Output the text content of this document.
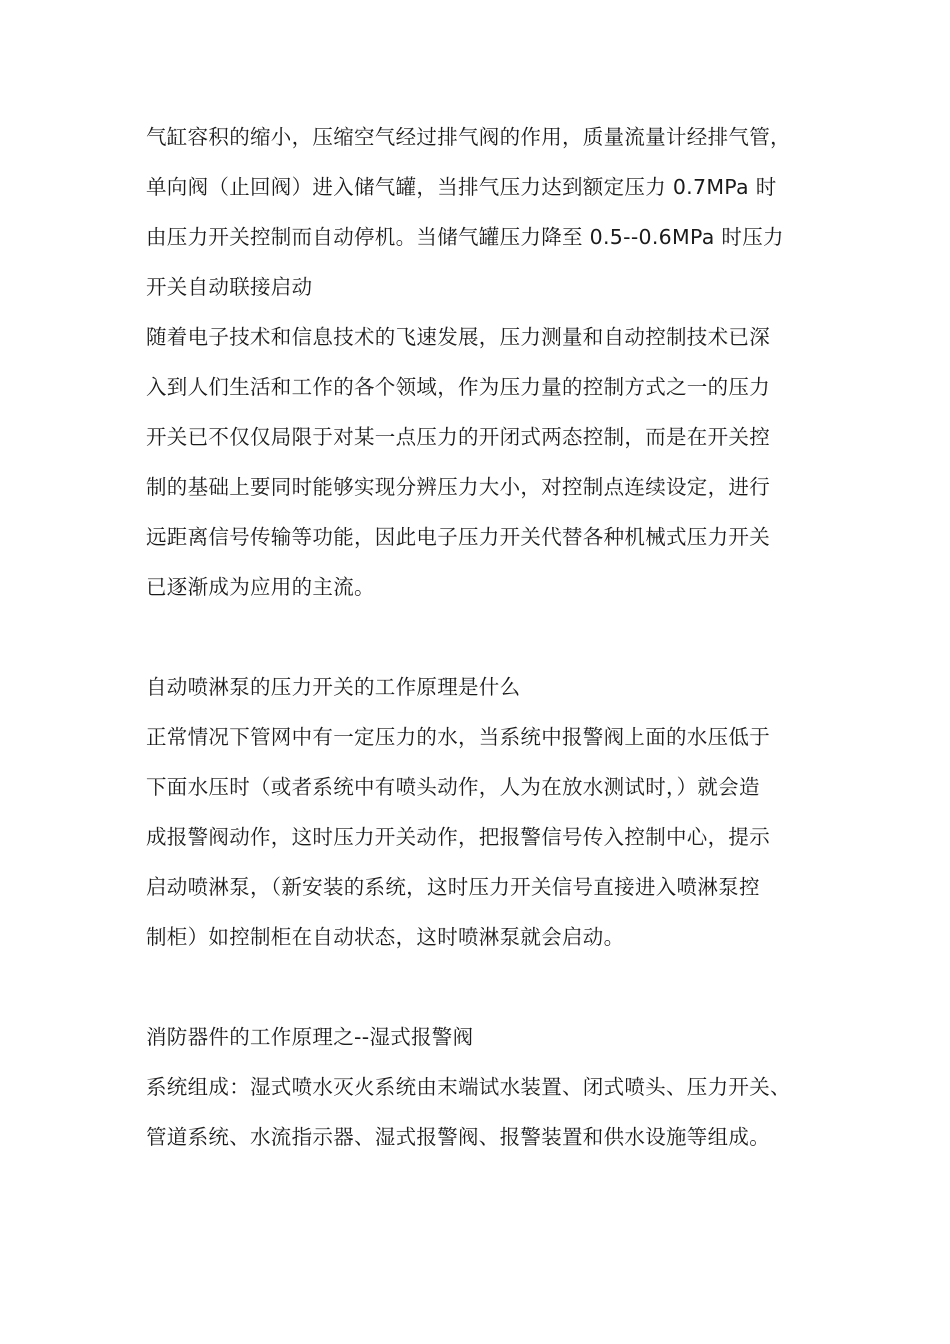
气缸容积的缩小，压缩空气经过排气阀的作用，质量流量计经排气管，
单向阀（止回阀）进入储气罐，当排气压力达到额定压力 0.7MPa 时
由压力开关控制而自动停机。当储气罐压力降至 0.5--0.6MPa 时压力
开关自动联接启动
随着电子技术和信息技术的飞速发展，压力测量和自动控制技术已深
入到人们生活和工作的各个领域，作为压力量的控制方式之一的压力
开关已不仅仅局限于对某一点压力的开闭式两态控制，而是在开关控
制的基础上要同时能够实现分辨压力大小，对控制点连续设定，进行
远距离信号传输等功能，因此电子压力开关代替各种机械式压力开关
已逐渐成为应用的主流。
自动喷淋泵的压力开关的工作原理是什么
正常情况下管网中有一定压力的水，当系统中报警阀上面的水压低于
下面水压时（或者系统中有喷头动作，人为在放水测试时，）就会造
成报警阀动作，这时压力开关动作，把报警信号传入控制中心，提示
启动喷淋泵，（新安装的系统，这时压力开关信号直接进入喷淋泵控
制柜）如控制柜在自动状态，这时喷淋泵就会启动。
消防器件的工作原理之--湿式报警阀
系统组成：湿式喷水灭火系统由末端试水装置、闭式喷头、压力开关、
管道系统、水流指示器、湿式报警阀、报警装置和供水设施等组成。
